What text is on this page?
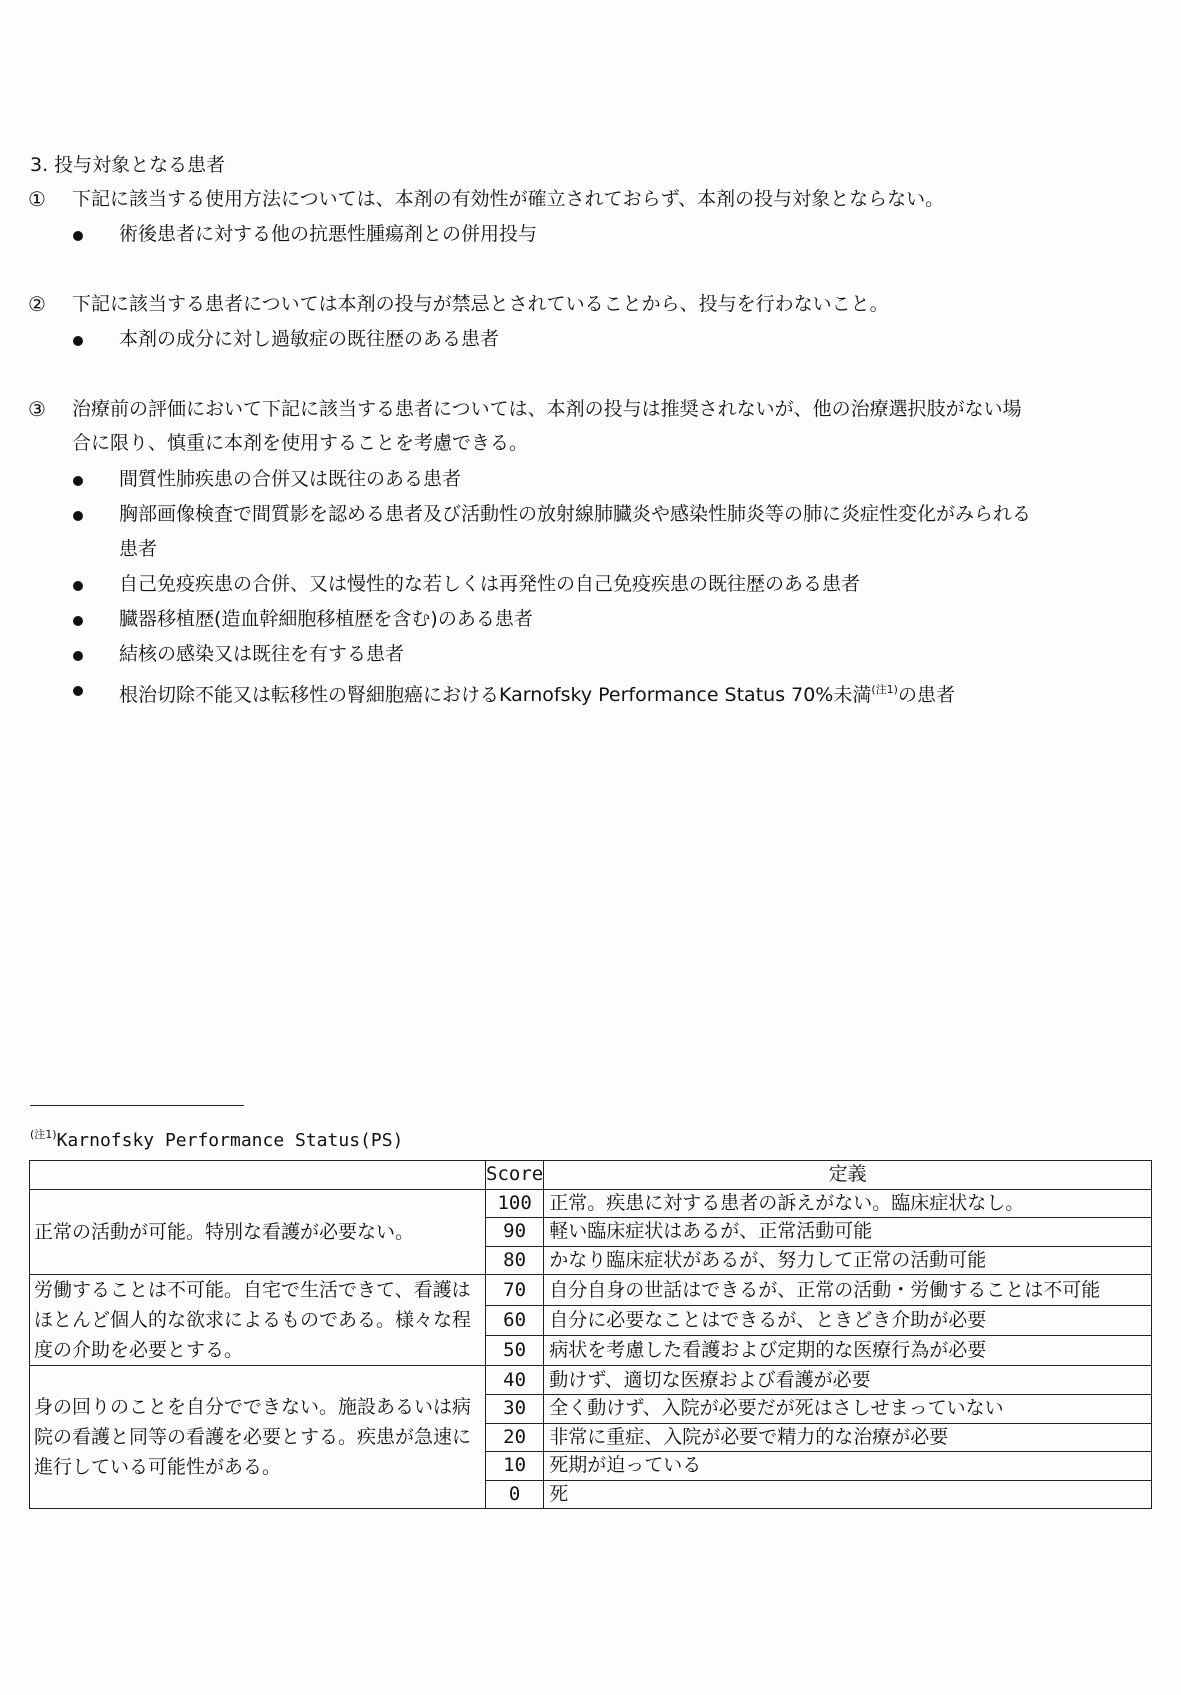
3. 投与対象となる患者
① 下記に該当する使用方法については、本剤の有効性が確立されておらず、本剤の投与対象とならない。
術後患者に対する他の抗悪性腫瘍剤との併用投与
② 下記に該当する患者については本剤の投与が禁忌とされていることから、投与を行わないこと。
本剤の成分に対し過敏症の既往歴のある患者
③ 治療前の評価において下記に該当する患者については、本剤の投与は推奨されないが、他の治療選択肢がない場
合に限り、慎重に本剤を使用することを考慮できる。
間質性肺疾患の合併又は既往のある患者
胸部画像検査で間質影を認める患者及び活動性の放射線肺臓炎や感染性肺炎等の肺に炎症性変化がみられる
患者
自己免疫疾患の合併、又は慢性的な若しくは再発性の自己免疫疾患の既往歴のある患者
臓器移植歴(造血幹細胞移植歴を含む)のある患者
結核の感染又は既往を有する患者
根治切除不能又は転移性の腎細胞癌におけるKarnofsky Performance Status 70%未満$^{(注1)}$の患者
$^{(注1)}$Karnofsky Performance Status(PS)
	Score	定義
正常の活動が可能。特別な看護が必要ない。	100	正常。疾患に対する患者の訴えがない。臨床症状なし。
	90	軽い臨床症状はあるが、正常活動可能
	80	かなり臨床症状があるが、努力して正常の活動可能
労働することは不可能。自宅で生活できて、看護はほとんど個人的な欲求によるものである。様々な程度の介助を必要とする。	70	自分自身の世話はできるが、正常の活動・労働することは不可能
	60	自分に必要なことはできるが、ときどき介助が必要
	50	病状を考慮した看護および定期的な医療行為が必要
身の回りのことを自分でできない。施設あるいは病院の看護と同等の看護を必要とする。疾患が急速に進行している可能性がある。	40	動けず、適切な医療および看護が必要
	30	全く動けず、入院が必要だが死はさしせまっていない
	20	非常に重症、入院が必要で精力的な治療が必要
	10	死期が迫っている
	0	死
